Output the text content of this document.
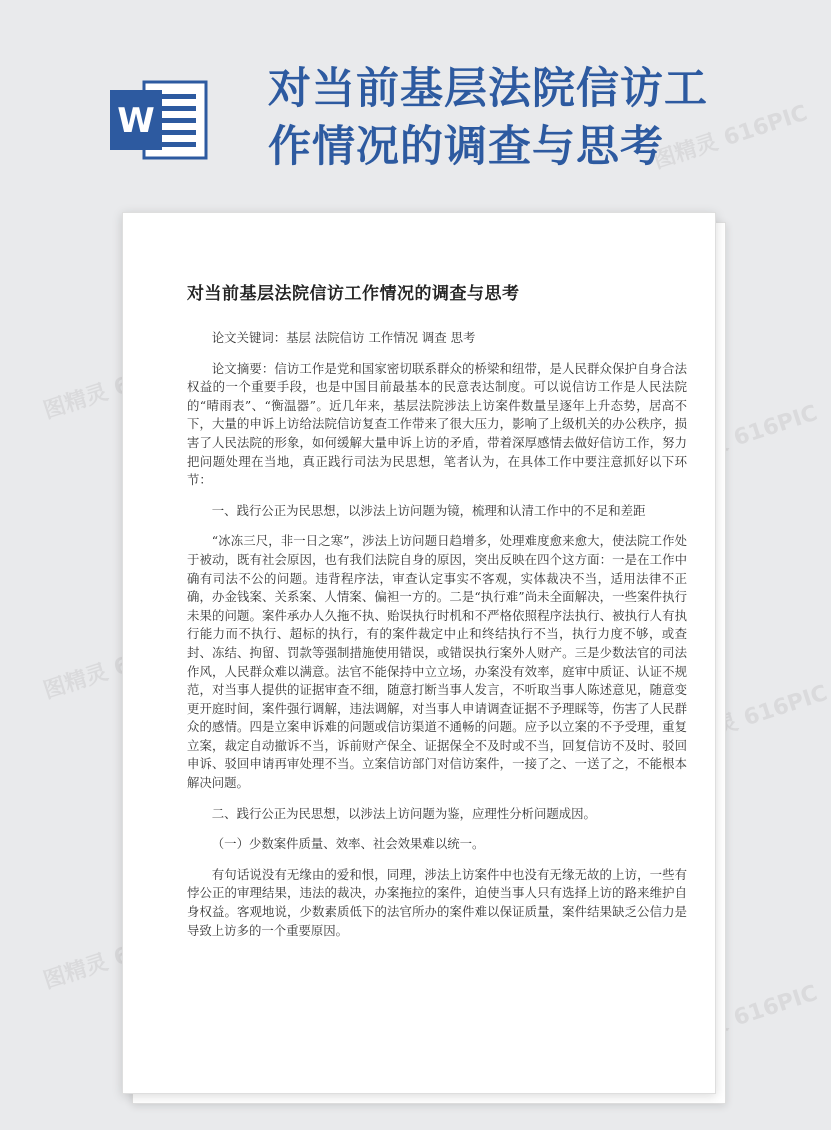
图精灵 616PIC
图精灵 616PIC
图精灵 616PIC
图精灵 616PIC
图精灵 616PIC
图精灵 616PIC
图精灵 616PIC
W
对当前基层法院信访工作情况的调查与思考
对当前基层法院信访工作情况的调查与思考

论文关键词：基层 法院信访 工作情况 调查 思考

论文摘要：信访工作是党和国家密切联系群众的桥梁和纽带，是人民群众保护自身合法权益的一个重要手段，也是中国目前最基本的民意表达制度。可以说信访工作是人民法院的“晴雨表”、“衡温器”。近几年来，基层法院涉法上访案件数量呈逐年上升态势，居高不下，大量的申诉上访给法院信访复查工作带来了很大压力，影响了上级机关的办公秩序，损害了人民法院的形象，如何缓解大量申诉上访的矛盾，带着深厚感情去做好信访工作，努力把问题处理在当地，真正践行司法为民思想，笔者认为，在具体工作中要注意抓好以下环节：

一、践行公正为民思想，以涉法上访问题为镜，梳理和认清工作中的不足和差距

“冰冻三尺，非一日之寒”，涉法上访问题日趋增多，处理难度愈来愈大，使法院工作处于被动，既有社会原因，也有我们法院自身的原因，突出反映在四个这方面：一是在工作中确有司法不公的问题。违背程序法，审查认定事实不客观，实体裁决不当，适用法律不正确，办金钱案、关系案、人情案、偏袒一方的。二是“执行难”尚未全面解决，一些案件执行未果的问题。案件承办人久拖不执、贻误执行时机和不严格依照程序法执行、被执行人有执行能力而不执行、超标的执行，有的案件裁定中止和终结执行不当，执行力度不够，或查封、冻结、拘留、罚款等强制措施使用错误，或错误执行案外人财产。三是少数法官的司法作风，人民群众难以满意。法官不能保持中立立场，办案没有效率，庭审中质证、认证不规范，对当事人提供的证据审查不细，随意打断当事人发言，不听取当事人陈述意见，随意变更开庭时间，案件强行调解，违法调解，对当事人申请调查证据不予理睬等，伤害了人民群众的感情。四是立案申诉难的问题或信访渠道不通畅的问题。应予以立案的不予受理，重复立案，裁定自动撤诉不当，诉前财产保全、证据保全不及时或不当，回复信访不及时、驳回申诉、驳回申请再审处理不当。立案信访部门对信访案件，一接了之、一送了之，不能根本解决问题。

二、践行公正为民思想，以涉法上访问题为鉴，应理性分析问题成因。

（一）少数案件质量、效率、社会效果难以统一。

有句话说没有无缘由的爱和恨，同理，涉法上访案件中也没有无缘无故的上访，一些有悖公正的审理结果，违法的裁决，办案拖拉的案件，迫使当事人只有选择上访的路来维护自身权益。客观地说，少数素质低下的法官所办的案件难以保证质量，案件结果缺乏公信力是导致上访多的一个重要原因。
